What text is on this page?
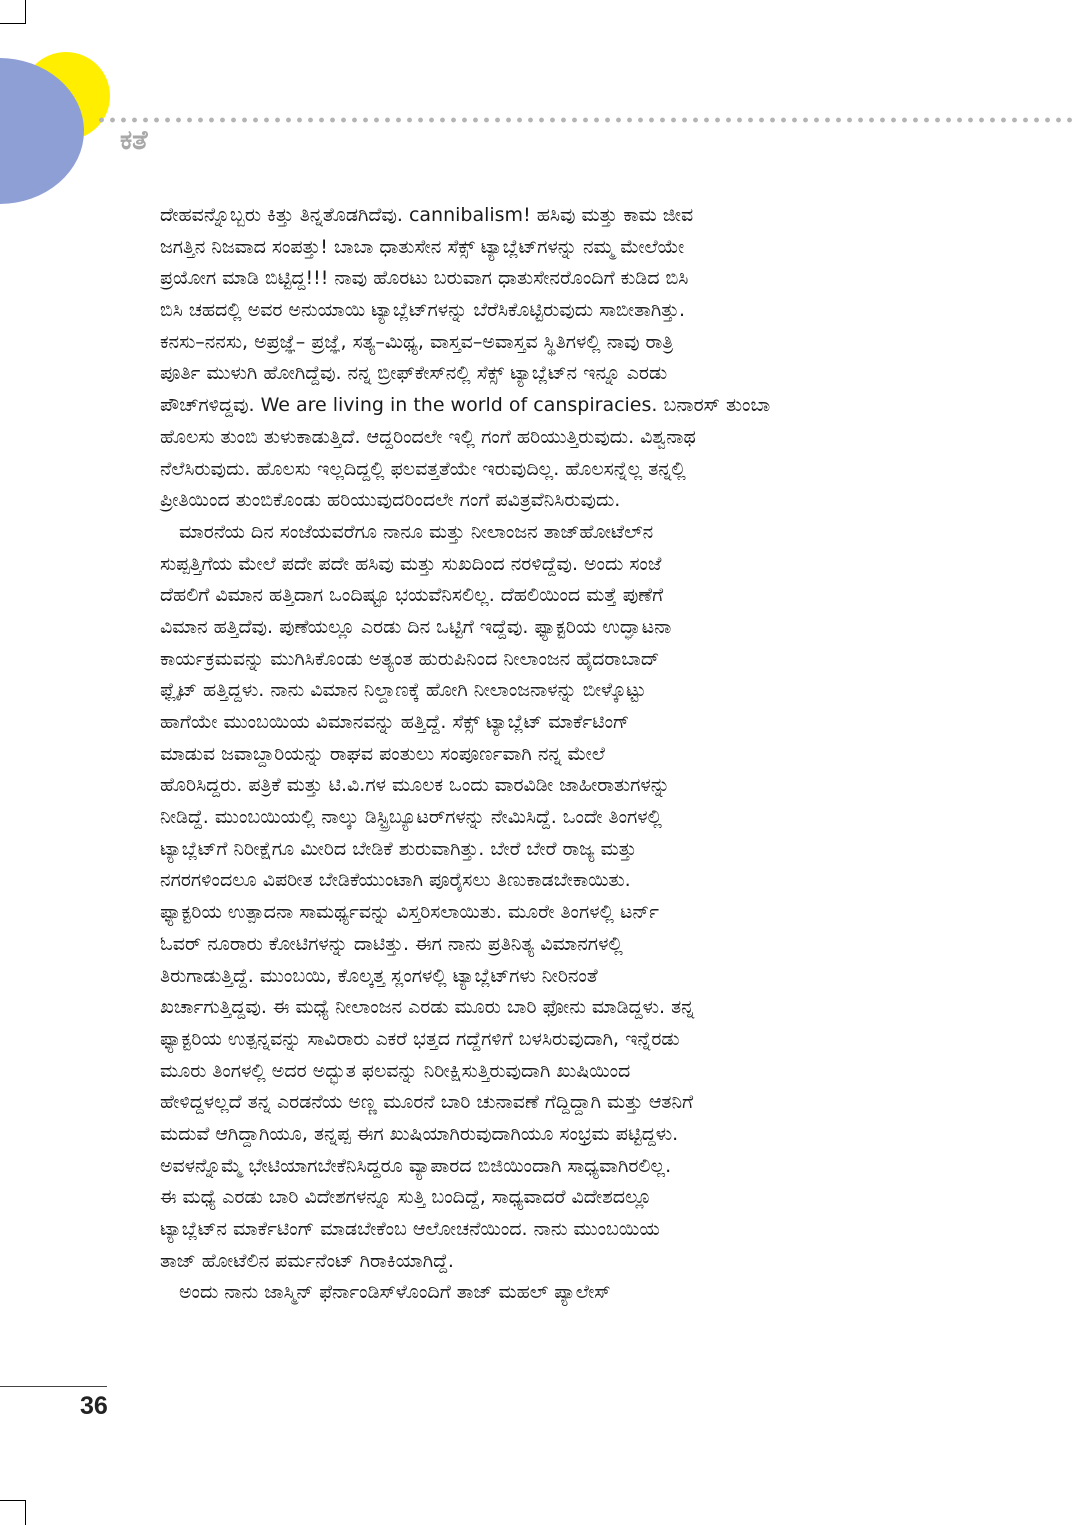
ಕತೆ
ದೇಹವನ್ನೊಬ್ಬರು ಕಿತ್ತು ತಿನ್ನತೊಡಗಿದೆವು. cannibalism! ಹಸಿವು ಮತ್ತು ಕಾಮ ಜೀವ
ಜಗತ್ತಿನ ನಿಜವಾದ ಸಂಪತ್ತು! ಬಾಬಾ ಧಾತುಸೇನ ಸೆಕ್ಸ್ ಟ್ಯಾಬ್ಲೆಟ್‌ಗಳನ್ನು ನಮ್ಮ ಮೇಲೆಯೇ
ಪ್ರಯೋಗ ಮಾಡಿ ಬಿಟ್ಟಿದ್ದ!!! ನಾವು ಹೊರಟು ಬರುವಾಗ ಧಾತುಸೇನರೊಂದಿಗೆ ಕುಡಿದ ಬಿಸಿ
ಬಿಸಿ ಚಹದಲ್ಲಿ ಅವರ ಅನುಯಾಯಿ ಟ್ಯಾಬ್ಲೆಟ್‌ಗಳನ್ನು ಬೆರೆಸಿಕೊಟ್ಟಿರುವುದು ಸಾಬೀತಾಗಿತ್ತು.
ಕನಸು–ನನಸು, ಅಪ್ರಜ್ಞೆ– ಪ್ರಜ್ಞೆ, ಸತ್ಯ–ಮಿಥ್ಯ, ವಾಸ್ತವ–ಅವಾಸ್ತವ ಸ್ಥಿತಿಗಳಲ್ಲಿ ನಾವು ರಾತ್ರಿ
ಪೂರ್ತಿ ಮುಳುಗಿ ಹೋಗಿದ್ದೆವು. ನನ್ನ ಬ್ರೀಫ್‌ಕೇಸ್‌ನಲ್ಲಿ ಸೆಕ್ಸ್ ಟ್ಯಾಬ್ಲೆಟ್‌ನ ಇನ್ನೂ ಎರಡು
ಪೌಚ್‌ಗಳಿದ್ದವು. We are living in the world of canspiracies. ಬನಾರಸ್ ತುಂಬಾ
ಹೊಲಸು ತುಂಬಿ ತುಳುಕಾಡುತ್ತಿದೆ. ಆದ್ದರಿಂದಲೇ ಇಲ್ಲಿ ಗಂಗೆ ಹರಿಯುತ್ತಿರುವುದು. ವಿಶ್ವನಾಥ
ನೆಲೆಸಿರುವುದು. ಹೊಲಸು ಇಲ್ಲದಿದ್ದಲ್ಲಿ ಫಲವತ್ತತೆಯೇ ಇರುವುದಿಲ್ಲ. ಹೊಲಸನ್ನೆಲ್ಲ ತನ್ನಲ್ಲಿ
ಪ್ರೀತಿಯಿಂದ ತುಂಬಿಕೊಂಡು ಹರಿಯುವುದರಿಂದಲೇ ಗಂಗೆ ಪವಿತ್ರವೆನಿಸಿರುವುದು.
 ಮಾರನೆಯ ದಿನ ಸಂಜೆಯವರೆಗೂ ನಾನೂ ಮತ್ತು ನೀಲಾಂಜನ ತಾಜ್‌ಹೋಟೆಲ್‌ನ
ಸುಪ್ಪತ್ತಿಗೆಯ ಮೇಲೆ ಪದೇ ಪದೇ ಹಸಿವು ಮತ್ತು ಸುಖದಿಂದ ನರಳಿದ್ದೆವು. ಅಂದು ಸಂಜೆ
ದೆಹಲಿಗೆ ವಿಮಾನ ಹತ್ತಿದಾಗ ಒಂದಿಷ್ಟೂ ಭಯವೆನಿಸಲಿಲ್ಲ. ದೆಹಲಿಯಿಂದ ಮತ್ತೆ ಪುಣೆಗೆ
ವಿಮಾನ ಹತ್ತಿದೆವು. ಪುಣೆಯಲ್ಲೂ ಎರಡು ದಿನ ಒಟ್ಟಿಗೆ ಇದ್ದೆವು. ಫ್ಯಾಕ್ಟರಿಯ ಉದ್ಘಾಟನಾ
ಕಾರ್ಯಕ್ರಮವನ್ನು ಮುಗಿಸಿಕೊಂಡು ಅತ್ಯಂತ ಹುರುಪಿನಿಂದ ನೀಲಾಂಜನ ಹೈದರಾಬಾದ್
ಫ್ಲೈಟ್ ಹತ್ತಿದ್ದಳು. ನಾನು ವಿಮಾನ ನಿಲ್ದಾಣಕ್ಕೆ ಹೋಗಿ ನೀಲಾಂಜನಾಳನ್ನು ಬೀಳ್ಕೊಟ್ಟು
ಹಾಗೆಯೇ ಮುಂಬಯಿಯ ವಿಮಾನವನ್ನು ಹತ್ತಿದ್ದೆ. ಸೆಕ್ಸ್ ಟ್ಯಾಬ್ಲೆಟ್ ಮಾರ್ಕೆಟಿಂಗ್
ಮಾಡುವ ಜವಾಬ್ದಾರಿಯನ್ನು ರಾಘವ ಪಂತುಲು ಸಂಪೂರ್ಣವಾಗಿ ನನ್ನ ಮೇಲೆ
ಹೊರಿಸಿದ್ದರು. ಪತ್ರಿಕೆ ಮತ್ತು ಟಿ.ವಿ.ಗಳ ಮೂಲಕ ಒಂದು ವಾರವಿಡೀ ಜಾಹೀರಾತುಗಳನ್ನು
ನೀಡಿದ್ದೆ. ಮುಂಬಯಿಯಲ್ಲಿ ನಾಲ್ಕು ಡಿಸ್ಟ್ರಿಬ್ಯೂಟರ್‌ಗಳನ್ನು ನೇಮಿಸಿದ್ದೆ. ಒಂದೇ ತಿಂಗಳಲ್ಲಿ
ಟ್ಯಾಬ್ಲೆಟ್‌ಗೆ ನಿರೀಕ್ಷೆಗೂ ಮೀರಿದ ಬೇಡಿಕೆ ಶುರುವಾಗಿತ್ತು. ಬೇರೆ ಬೇರೆ ರಾಜ್ಯ ಮತ್ತು
ನಗರಗಳಿಂದಲೂ ವಿಪರೀತ ಬೇಡಿಕೆಯುಂಟಾಗಿ ಪೂರೈಸಲು ತಿಣುಕಾಡಬೇಕಾಯಿತು.
ಫ್ಯಾಕ್ಟರಿಯ ಉತ್ಪಾದನಾ ಸಾಮರ್ಥ್ಯವನ್ನು ವಿಸ್ತರಿಸಲಾಯಿತು. ಮೂರೇ ತಿಂಗಳಲ್ಲಿ ಟರ್ನ್
ಓವರ್ ನೂರಾರು ಕೋಟಿಗಳನ್ನು ದಾಟಿತ್ತು. ಈಗ ನಾನು ಪ್ರತಿನಿತ್ಯ ವಿಮಾನಗಳಲ್ಲಿ
ತಿರುಗಾಡುತ್ತಿದ್ದೆ. ಮುಂಬಯಿ, ಕೊಲ್ಕತ್ತ ಸ್ಲಂಗಳಲ್ಲಿ ಟ್ಯಾಬ್ಲೆಟ್‌ಗಳು ನೀರಿನಂತೆ
ಖರ್ಚಾಗುತ್ತಿದ್ದವು. ಈ ಮಧ್ಯೆ ನೀಲಾಂಜನ ಎರಡು ಮೂರು ಬಾರಿ ಫೋನು ಮಾಡಿದ್ದಳು. ತನ್ನ
ಫ್ಯಾಕ್ಟರಿಯ ಉತ್ಪನ್ನವನ್ನು ಸಾವಿರಾರು ಎಕರೆ ಭತ್ತದ ಗದ್ದೆಗಳಿಗೆ ಬಳಸಿರುವುದಾಗಿ, ಇನ್ನೆರಡು
ಮೂರು ತಿಂಗಳಲ್ಲಿ ಅದರ ಅದ್ಭುತ ಫಲವನ್ನು ನಿರೀಕ್ಷಿಸುತ್ತಿರುವುದಾಗಿ ಖುಷಿಯಿಂದ
ಹೇಳಿದ್ದಳಲ್ಲದೆ ತನ್ನ ಎರಡನೆಯ ಅಣ್ಣ ಮೂರನೆ ಬಾರಿ ಚುನಾವಣೆ ಗೆದ್ದಿದ್ದಾಗಿ ಮತ್ತು ಆತನಿಗೆ
ಮದುವೆ ಆಗಿದ್ದಾಗಿಯೂ, ತನ್ನಪ್ಪ ಈಗ ಖುಷಿಯಾಗಿರುವುದಾಗಿಯೂ ಸಂಭ್ರಮ ಪಟ್ಟಿದ್ದಳು.
ಅವಳನ್ನೊಮ್ಮೆ ಭೇಟಿಯಾಗಬೇಕೆನಿಸಿದ್ದರೂ ವ್ಯಾಪಾರದ ಬಿಜಿಯಿಂದಾಗಿ ಸಾಧ್ಯವಾಗಿರಲಿಲ್ಲ.
ಈ ಮಧ್ಯೆ ಎರಡು ಬಾರಿ ವಿದೇಶಗಳನ್ನೂ ಸುತ್ತಿ ಬಂದಿದ್ದೆ, ಸಾಧ್ಯವಾದರೆ ವಿದೇಶದಲ್ಲೂ
ಟ್ಯಾಬ್ಲೆಟ್‌ನ ಮಾರ್ಕೆಟಿಂಗ್ ಮಾಡಬೇಕೆಂಬ ಆಲೋಚನೆಯಿಂದ. ನಾನು ಮುಂಬಯಿಯ
ತಾಜ್ ಹೋಟೆಲಿನ ಪರ್ಮನೆಂಟ್ ಗಿರಾಕಿಯಾಗಿದ್ದೆ.
 ಅಂದು ನಾನು ಜಾಸ್ಮಿನ್ ಫೆರ್ನಾಂಡಿಸ್‌ಳೊಂದಿಗೆ ತಾಜ್ ಮಹಲ್ ಪ್ಯಾಲೇಸ್
36
